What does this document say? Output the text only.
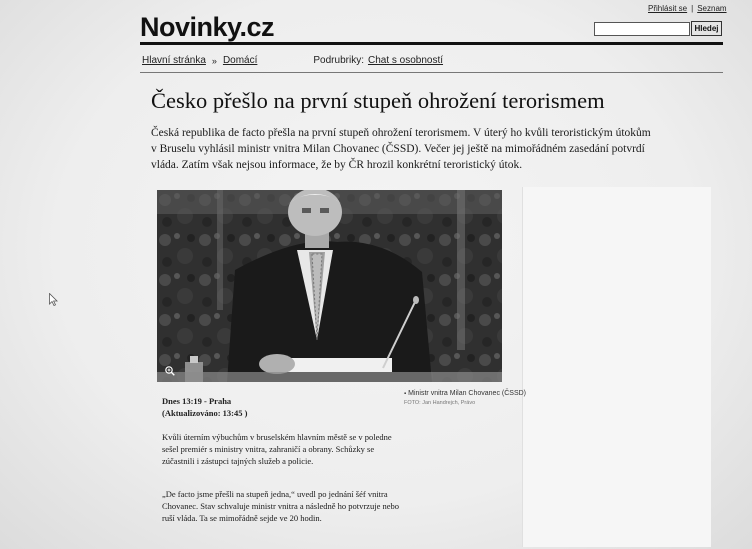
Novinky.cz
Přihlásit se | Seznam
Hledej
Hlavní stránka » Domácí	Podrubriky: Chat s osobností
Česko přešlo na první stupeň ohrožení terorismem

Česká republika de facto přešla na první stupeň ohrožení terorismem. V úterý ho kvůli teroristickým útokům v Bruselu vyhlásil ministr vnitra Milan Chovanec (ČSSD). Večer jej ještě na mimořádném zasedání potvrdí vláda. Zatím však nejsou informace, že by ČR hrozil konkrétní teroristický útok.

Dnes 13:19 - Praha
(Aktualizováno: 13:45 )
▪ Ministr vnitra Milan Chovanec (ČSSD)
FOTO: Jan Handrejch, Právo

Kvůli úterním výbuchům v bruselském hlavním městě se v poledne sešel premiér s ministry vnitra, zahraničí a obrany. Schůzky se zúčastnili i zástupci tajných služeb a policie.

„De facto jsme přešli na stupeň jedna,“ uvedl po jednání šéf vnitra Chovanec. Stav schvaluje ministr vnitra a následně ho potvrzuje nebo ruší vláda. Ta se mimořádně sejde ve 20 hodin.
